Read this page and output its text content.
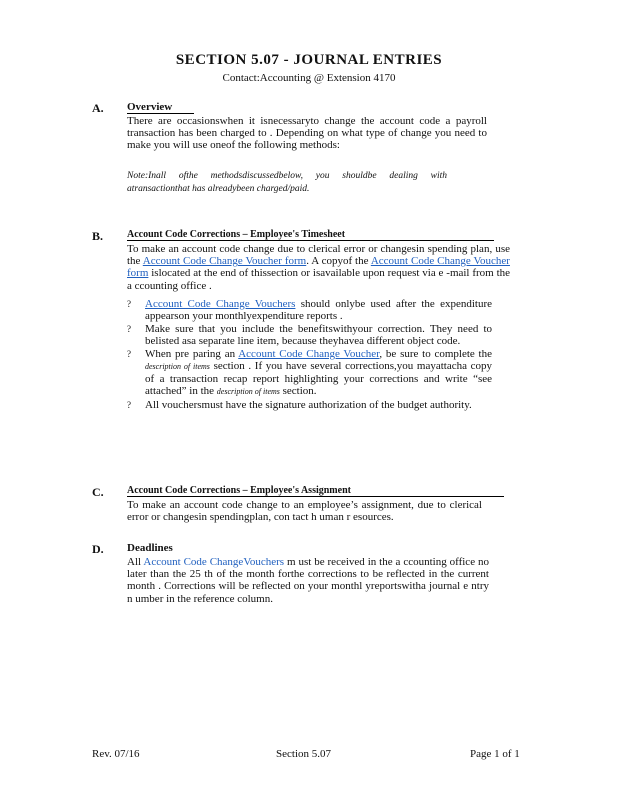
SECTION 5.07 - JOURNAL ENTRIES
Contact:Accounting @ Extension 4170
A. Overview
There are occasionswhen it isnecessaryto change the account code a payroll transaction has been charged to . Depending on what type of change you need to make you will use oneof the following methods:
Note:Inall ofthe methodsdiscussedbelow, you shouldbe dealing with atransactionthat has alreadybeen charged/paid.
B. Account Code Corrections – Employee's Timesheet
To make an account code change due to clerical error or changesin spending plan, use the Account Code Change Voucher form. A copyof the Account Code Change Voucher form islocated at the end of thissection or isavailable upon request via e -mail from the a ccounting office .
?	Account Code Change Vouchers should onlybe used after the expenditure appearson your monthlyexpenditure reports .
?	Make sure that you include the benefitswithyour correction. They need to belisted asa separate line item, because theyhavea different object code.
?	When pre paring an Account Code Change Voucher, be sure to complete the description of items section . If you have several corrections,you mayattacha copy of a transaction recap report highlighting your corrections and write “see attached” in the description of items section.
?	All vouchersmust have the signature authorization of the budget authority.
C. Account Code Corrections – Employee's Assignment
To make an account code change to an employee’s assignment, due to clerical error or changesin spendingplan, con tact h uman r esources.
D. Deadlines
All Account Code ChangeVouchers m ust be received in the a ccounting office no later than the 25 th of the month forthe corrections to be reflected in the current month . Corrections will be reflected on your monthl yreportswitha journal e ntry n umber in the reference column.
Rev. 07/16	Section 5.07	Page 1 of 1
